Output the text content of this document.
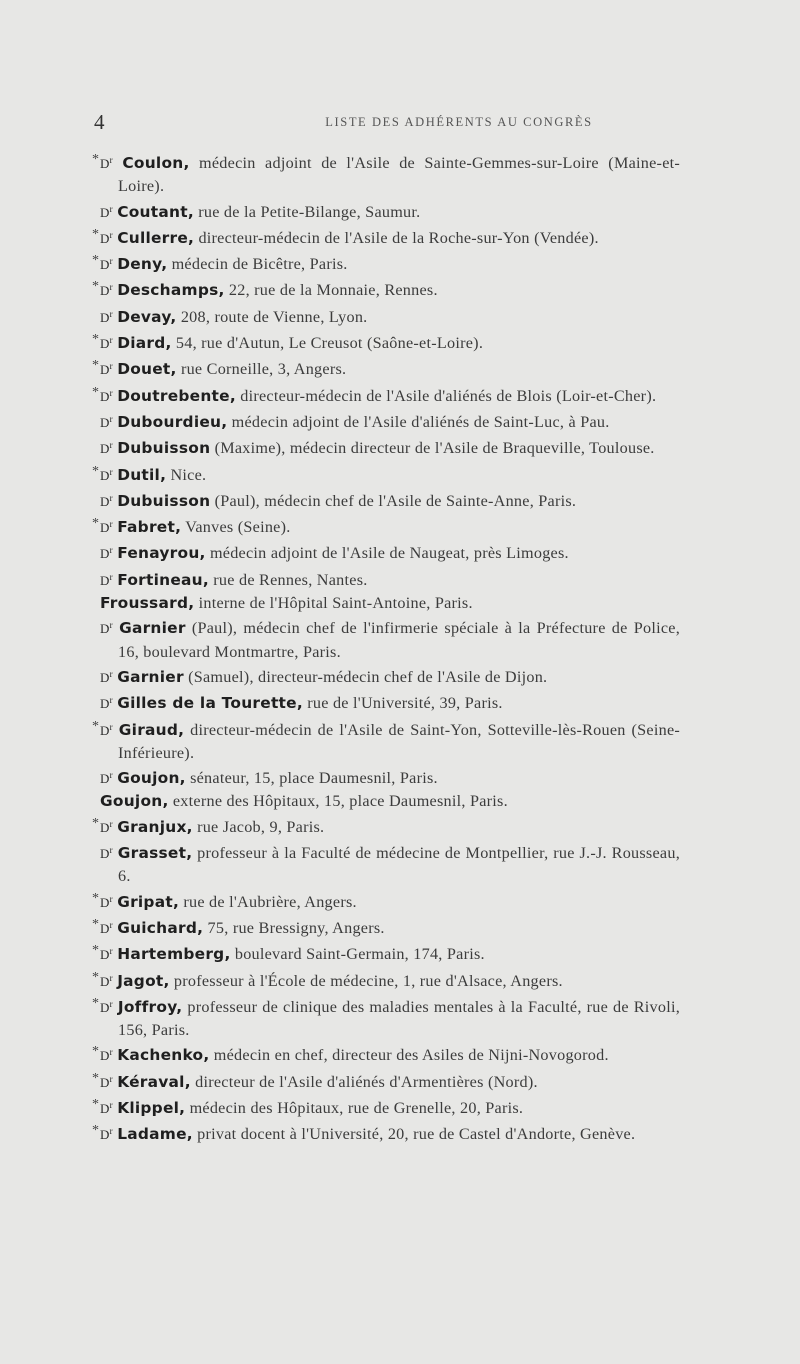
4	LISTE DES ADHÉRENTS AU CONGRÈS
* $D^r$ Coulon, médecin adjoint de l'Asile de Sainte-Gemmes-sur-Loire (Maine-et-Loire).
$D^r$ Coutant, rue de la Petite-Bilange, Saumur.
* $D^r$ Cullerre, directeur-médecin de l'Asile de la Roche-sur-Yon (Vendée).
* $D^r$ Deny, médecin de Bicêtre, Paris.
* $D^r$ Deschamps, 22, rue de la Monnaie, Rennes.
$D^r$ Devay, 208, route de Vienne, Lyon.
* $D^r$ Diard, 54, rue d'Autun, Le Creusot (Saône-et-Loire).
* $D^r$ Douet, rue Corneille, 3, Angers.
* $D^r$ Doutrebente, directeur-médecin de l'Asile d'aliénés de Blois (Loir-et-Cher).
$D^r$ Dubourdieu, médecin adjoint de l'Asile d'aliénés de Saint-Luc, à Pau.
$D^r$ Dubuisson (Maxime), médecin directeur de l'Asile de Braqueville, Toulouse.
* $D^r$ Dutil, Nice.
$D^r$ Dubuisson (Paul), médecin chef de l'Asile de Sainte-Anne, Paris.
* $D^r$ Fabret, Vanves (Seine).
$D^r$ Fenayrou, médecin adjoint de l'Asile de Naugeat, près Limoges.
$D^r$ Fortineau, rue de Rennes, Nantes.
Froussard, interne de l'Hôpital Saint-Antoine, Paris.
$D^r$ Garnier (Paul), médecin chef de l'infirmerie spéciale à la Préfecture de Police, 16, boulevard Montmartre, Paris.
$D^r$ Garnier (Samuel), directeur-médecin chef de l'Asile de Dijon.
$D^r$ Gilles de la Tourette, rue de l'Université, 39, Paris.
* $D^r$ Giraud, directeur-médecin de l'Asile de Saint-Yon, Sotteville-lès-Rouen (Seine-Inférieure).
$D^r$ Goujon, sénateur, 15, place Daumesnil, Paris.
Goujon, externe des Hôpitaux, 15, place Daumesnil, Paris.
* $D^r$ Granjux, rue Jacob, 9, Paris.
$D^r$ Grasset, professeur à la Faculté de médecine de Montpellier, rue J.-J. Rousseau, 6.
* $D^r$ Gripat, rue de l'Aubrière, Angers.
* $D^r$ Guichard, 75, rue Bressigny, Angers.
* $D^r$ Hartemberg, boulevard Saint-Germain, 174, Paris.
* $D^r$ Jagot, professeur à l'École de médecine, 1, rue d'Alsace, Angers.
* $D^r$ Joffroy, professeur de clinique des maladies mentales à la Faculté, rue de Rivoli, 156, Paris.
* $D^r$ Kachenko, médecin en chef, directeur des Asiles de Nijni-Novogorod.
* $D^r$ Kéraval, directeur de l'Asile d'aliénés d'Armentières (Nord).
* $D^r$ Klippel, médecin des Hôpitaux, rue de Grenelle, 20, Paris.
* $D^r$ Ladame, privat docent à l'Université, 20, rue de Castel d'Andorte, Genève.
